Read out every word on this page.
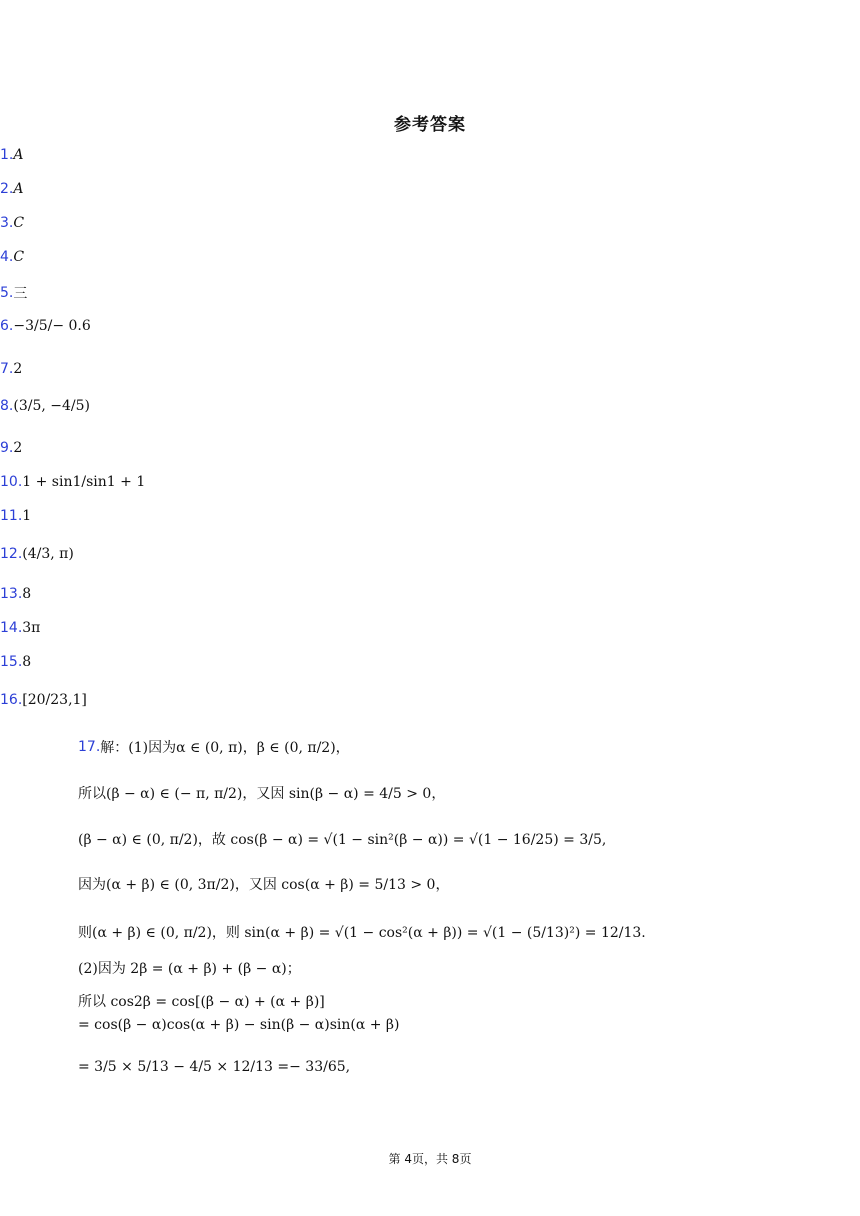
参考答案
1. A
2. A
3. C
4. C
5. 三
6. −3/5/− 0.6
7. 2
8. (3/5, −4/5)
9. 2
10. 1 + sin1/sin1 + 1
11. 1
12. (4/3, π)
13. 8
14. 3π
15. 8
16. [20/23,1]
17. 解：(1)因为α ∈ (0, π)，β ∈ (0, π/2)，
所以(β − α) ∈ (− π, π/2)，又因 sin(β − α) = 4/5 > 0，
(β − α) ∈ (0, π/2)，故 cos(β − α) = √(1 − sin²(β − α)) = √(1 − 16/25) = 3/5,
因为(α + β) ∈ (0, 3π/2)，又因 cos(α + β) = 5/13 > 0，
则(α + β) ∈ (0, π/2)，则 sin(α + β) = √(1 − cos²(α + β)) = √(1 − (5/13)²) = 12/13.
(2)因为 2β = (α + β) + (β − α)；
所以 cos2β = cos[(β − α) + (α + β)]
= cos(β − α)cos(α + β) − sin(β − α)sin(α + β)
= 3/5 × 5/13 − 4/5 × 12/13 =− 33/65,
第 4页，共 8页
